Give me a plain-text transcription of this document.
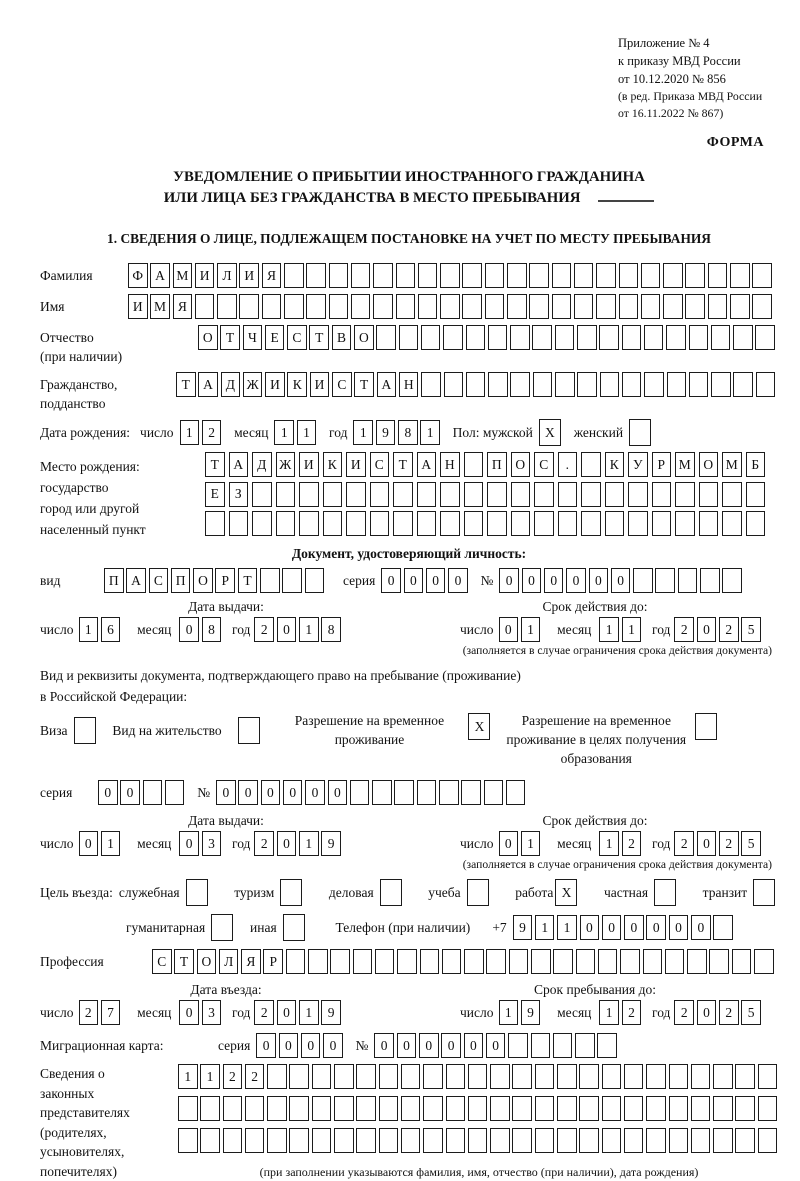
Приложение № 4
к приказу МВД России
от 10.12.2020 № 856
(в ред. Приказа МВД России
от 16.11.2022 № 867)
ФОРМА
УВЕДОМЛЕНИЕ О ПРИБЫТИИ ИНОСТРАННОГО ГРАЖДАНИНА
ИЛИ ЛИЦА БЕЗ ГРАЖДАНСТВА В МЕСТО ПРЕБЫВАНИЯ
1. СВЕДЕНИЯ О ЛИЦЕ, ПОДЛЕЖАЩЕМ ПОСТАНОВКЕ НА УЧЕТ ПО МЕСТУ ПРЕБЫВАНИЯ
Фамилия	Ф А М И Л И Я
Имя	И М Я
Отчество
(при наличии)
О Т	Ч	Е	С	Т	В О
Гражданство,
подданство
Т А Д Ж И К И С	Т А Н
Дата рождения: число 1	2	месяц 1	1	год 1	9	8	1	Пол: мужской X	женский
Место рождения:
государство
город или другой
населенный пункт
Т	А	Д Ж И	К	И	С	Т	А	Н	П	О	С	.	К	У	Р	М О М	Б
Е	З
Документ, удостоверяющий личность:
вид	П А С П О	Р	Т	серия 0	0	0	0	№ 0	0	0	0	0	0
Дата выдачи:	Срок действия до:
число 1	6	месяц	0	8	год 2	0	1	8	число 0	1	месяц	1	1	год 2	0	2	5
(заполняется в случае ограничения срока действия документа)
Вид и реквизиты документа, подтверждающего право на пребывание (проживание)
в Российской Федерации:
Виза	Вид на жительство
Разрешение на временное проживание
X	Разрешение на временное проживание в целях получения образования
серия	0	0	№ 0	0	0	0	0	0
Дата выдачи:	Срок действия до:
число 0	1	месяц	0	3	год 2	0	1	9	число 0	1	месяц	1	2	год 2	0	2	5
(заполняется в случае ограничения срока действия документа)
Цель въезда: служебная	туризм	деловая	учеба	работа X	частная	транзит
гуманитарная	иная	Телефон (при наличии) +7 9	1	1	0	0	0	0	0	0
Профессия	С	Т О Л Я	Р
Дата въезда:	Срок пребывания до:
число 2	7	месяц	0	3	год 2	0	1	9	число 1	9	месяц	1	2	год 2	0	2	5
Миграционная карта:	серия 0	0	0	0	№ 0	0	0	0	0	0
Сведения о
законных
представителях
(родителях,
усыновителях,
попечителях)
1	1	2	2
(при заполнении указываются фамилия, имя, отчество (при наличии), дата рождения)
